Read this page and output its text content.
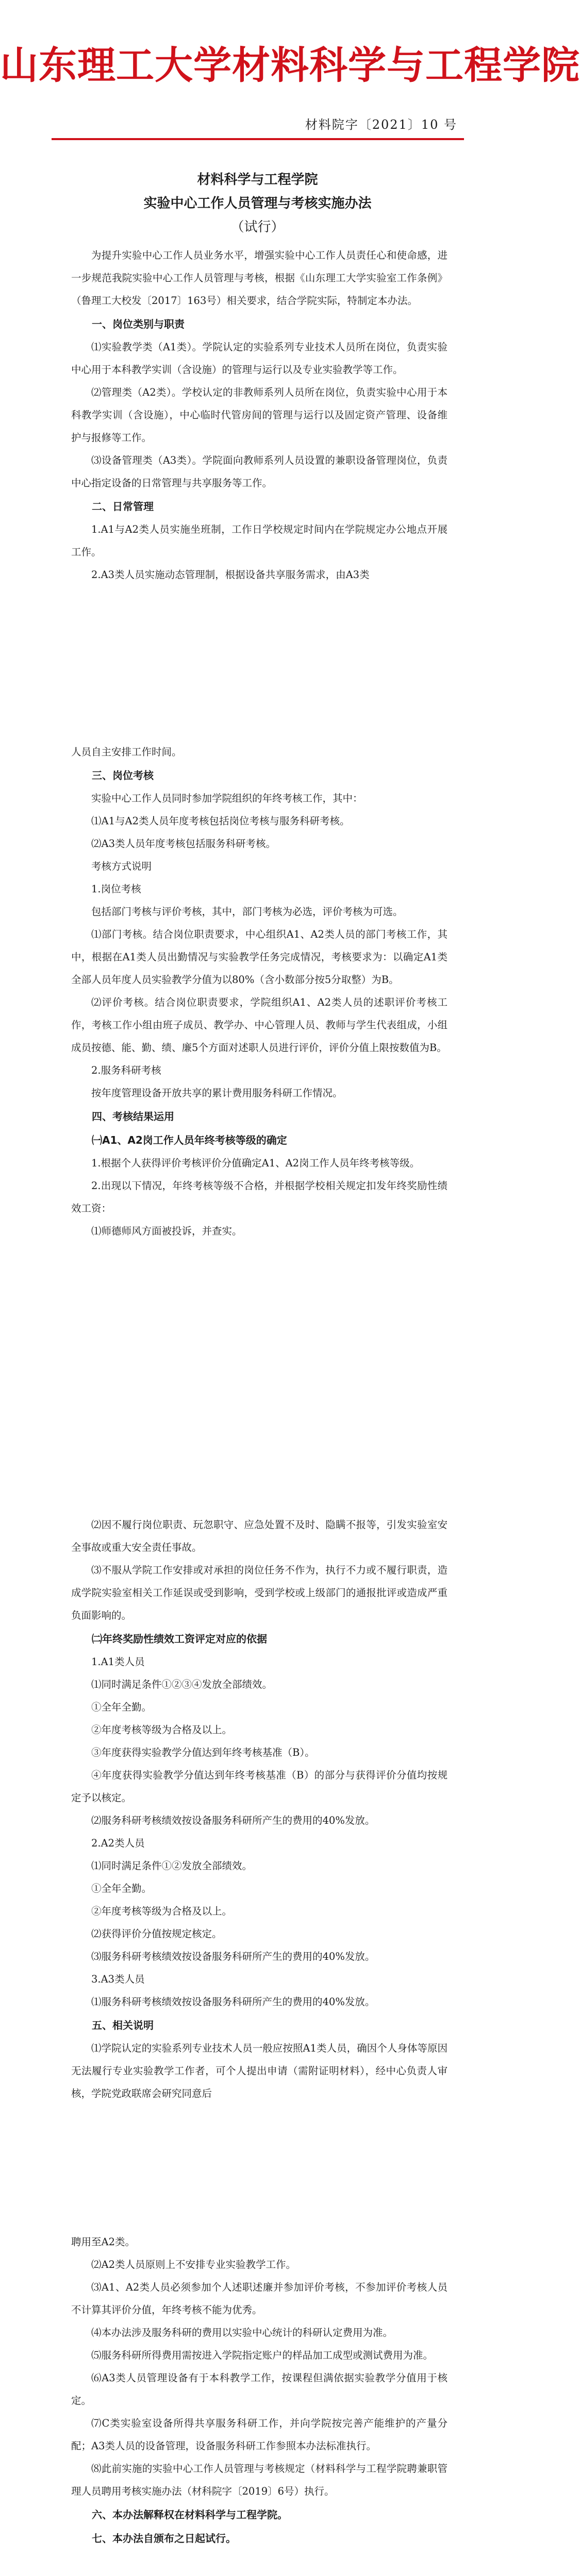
山东理工大学材料科学与工程学院
材料院字〔2021〕10 号
材料科学与工程学院
实验中心工作人员管理与考核实施办法
（试行）
为提升实验中心工作人员业务水平，增强实验中心工作人员责任心和使命感，进一步规范我院实验中心工作人员管理与考核，根据《山东理工大学实验室工作条例》（鲁理工大校发〔2017〕163号）相关要求，结合学院实际，特制定本办法。
一、岗位类别与职责
⑴实验教学类（A1类）。学院认定的实验系列专业技术人员所在岗位，负责实验中心用于本科教学实训（含设施）的管理与运行以及专业实验教学等工作。
⑵管理类（A2类）。学校认定的非教师系列人员所在岗位，负责实验中心用于本科教学实训（含设施），中心临时代管房间的管理与运行以及固定资产管理、设备维护与报修等工作。
⑶设备管理类（A3类）。学院面向教师系列人员设置的兼职设备管理岗位，负责中心指定设备的日常管理与共享服务等工作。
二、日常管理
1.A1与A2类人员实施坐班制，工作日学校规定时间内在学院规定办公地点开展工作。
2.A3类人员实施动态管理制，根据设备共享服务需求，由A3类
人员自主安排工作时间。
三、岗位考核
实验中心工作人员同时参加学院组织的年终考核工作，其中：
⑴A1与A2类人员年度考核包括岗位考核与服务科研考核。
⑵A3类人员年度考核包括服务科研考核。
考核方式说明
1.岗位考核
包括部门考核与评价考核，其中，部门考核为必选，评价考核为可选。
⑴部门考核。结合岗位职责要求，中心组织A1、A2类人员的部门考核工作，其中，根据在A1类人员出勤情况与实验教学任务完成情况，考核要求为：以确定A1类全部人员年度人员实验教学分值为以80%（含小数部分按5分取整）为B。
⑵评价考核。结合岗位职责要求，学院组织A1、A2类人员的述职评价考核工作，考核工作小组由班子成员、教学办、中心管理人员、教师与学生代表组成，小组成员按德、能、勤、绩、廉5个方面对述职人员进行评价，评价分值上限按数值为B。
2.服务科研考核
按年度管理设备开放共享的累计费用服务科研工作情况。
四、考核结果运用
㈠A1、A2岗工作人员年终考核等级的确定
1.根据个人获得评价考核评价分值确定A1、A2岗工作人员年终考核等级。
2.出现以下情况，年终考核等级不合格，并根据学校相关规定扣发年终奖励性绩效工资：
⑴师德师风方面被投诉，并查实。
⑵因不履行岗位职责、玩忽职守、应急处置不及时、隐瞒不报等，引发实验室安全事故或重大安全责任事故。
⑶不服从学院工作安排或对承担的岗位任务不作为，执行不力或不履行职责，造成学院实验室相关工作延误或受到影响，受到学校或上级部门的通报批评或造成严重负面影响的。
㈡年终奖励性绩效工资评定对应的依据
1.A1类人员
⑴同时满足条件①②③④发放全部绩效。
①全年全勤。
②年度考核等级为合格及以上。
③年度获得实验教学分值达到年终考核基准（B）。
④年度获得实验教学分值达到年终考核基准（B）的部分与获得评价分值均按规定予以核定。
⑵服务科研考核绩效按设备服务科研所产生的费用的40%发放。
2.A2类人员
⑴同时满足条件①②发放全部绩效。
①全年全勤。
②年度考核等级为合格及以上。
⑵获得评价分值按规定核定。
⑶服务科研考核绩效按设备服务科研所产生的费用的40%发放。
3.A3类人员
⑴服务科研考核绩效按设备服务科研所产生的费用的40%发放。
五、相关说明
⑴学院认定的实验系列专业技术人员一般应按照A1类人员，确因个人身体等原因无法履行专业实验教学工作者，可个人提出申请（需附证明材料），经中心负责人审核，学院党政联席会研究同意后
聘用至A2类。
⑵A2类人员原则上不安排专业实验教学工作。
⑶A1、A2类人员必须参加个人述职述廉并参加评价考核，不参加评价考核人员不计算其评价分值，年终考核不能为优秀。
⑷本办法涉及服务科研的费用以实验中心统计的科研认定费用为准。
⑸服务科研所得费用需按进入学院指定账户的样品加工成型或测试费用为准。
⑹A3类人员管理设备有于本科教学工作，按课程但满依据实验教学分值用于核定。
⑺C类实验室设备所得共享服务科研工作，并向学院按完善产能维护的产量分配；A3类人员的设备管理，设备服务科研工作参照本办法标准执行。
⑻此前实施的实验中心工作人员管理与考核规定（材料科学与工程学院聘兼职管理人员聘用考核实施办法（材科院字〔2019〕6号）执行。
六、本办法解释权在材料科学与工程学院。
七、本办法自颁布之日起试行。
